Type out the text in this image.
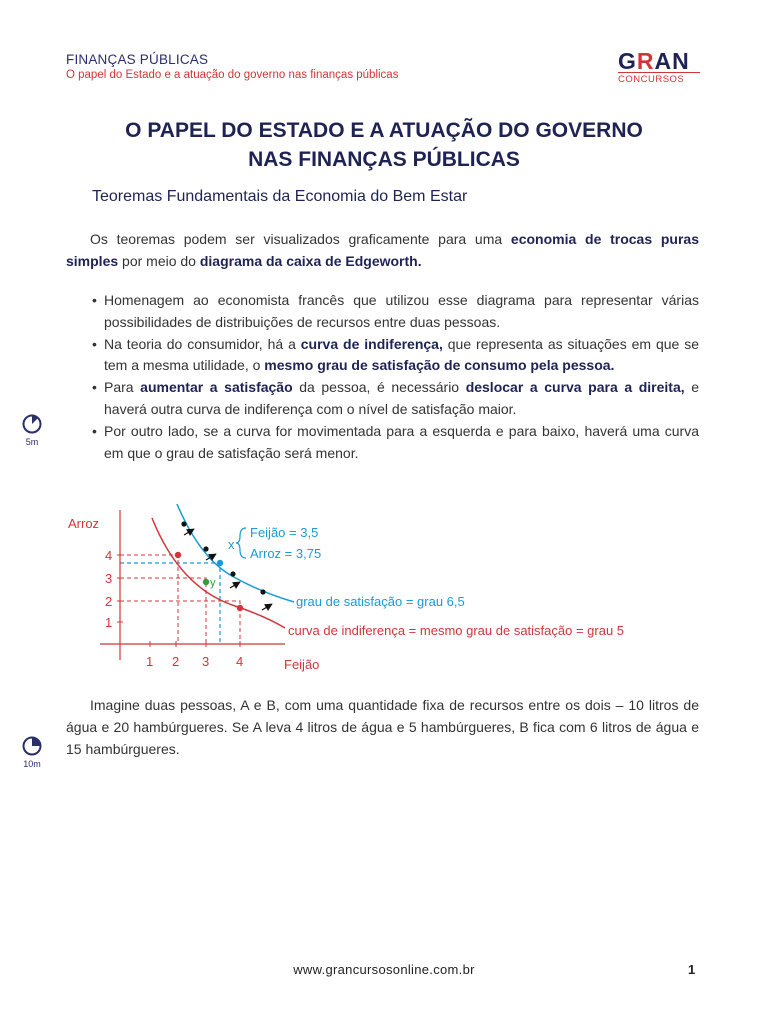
FINANÇAS PÚBLICAS
O papel do Estado e a atuação do governo nas finanças públicas
GRAN
CONCURSOS
O PAPEL DO ESTADO E A ATUAÇÃO DO GOVERNO
NAS FINANÇAS PÚBLICAS
Teoremas Fundamentais da Economia do Bem Estar
Os teoremas podem ser visualizados graficamente para uma economia de trocas puras simples por meio do diagrama da caixa de Edgeworth.
• Homenagem ao economista francês que utilizou esse diagrama para representar várias possibilidades de distribuições de recursos entre duas pessoas.
• Na teoria do consumidor, há a curva de indiferença, que representa as situações em que se tem a mesma utilidade, o mesmo grau de satisfação de consumo pela pessoa.
• Para aumentar a satisfação da pessoa, é necessário deslocar a curva para a direita, e haverá outra curva de indiferença com o nível de satisfação maior.
• Por outro lado, se a curva for movimentada para a esquerda e para baixo, haverá uma curva em que o grau de satisfação será menor.
5m
10m
y
Arroz
Feijão
1 2 3 4
1
2
3
4
x
Feijão = 3,5
Arroz = 3,75
grau de satisfação = grau 6,5
curva de indiferença = mesmo grau de satisfação = grau 5
Imagine duas pessoas, A e B, com uma quantidade fixa de recursos entre os dois – 10 litros de água e 20 hambúrgueres. Se A leva 4 litros de água e 5 hambúrgueres, B fica com 6 litros de água e 15 hambúrgueres.
www.grancursosonline.com.br	1
